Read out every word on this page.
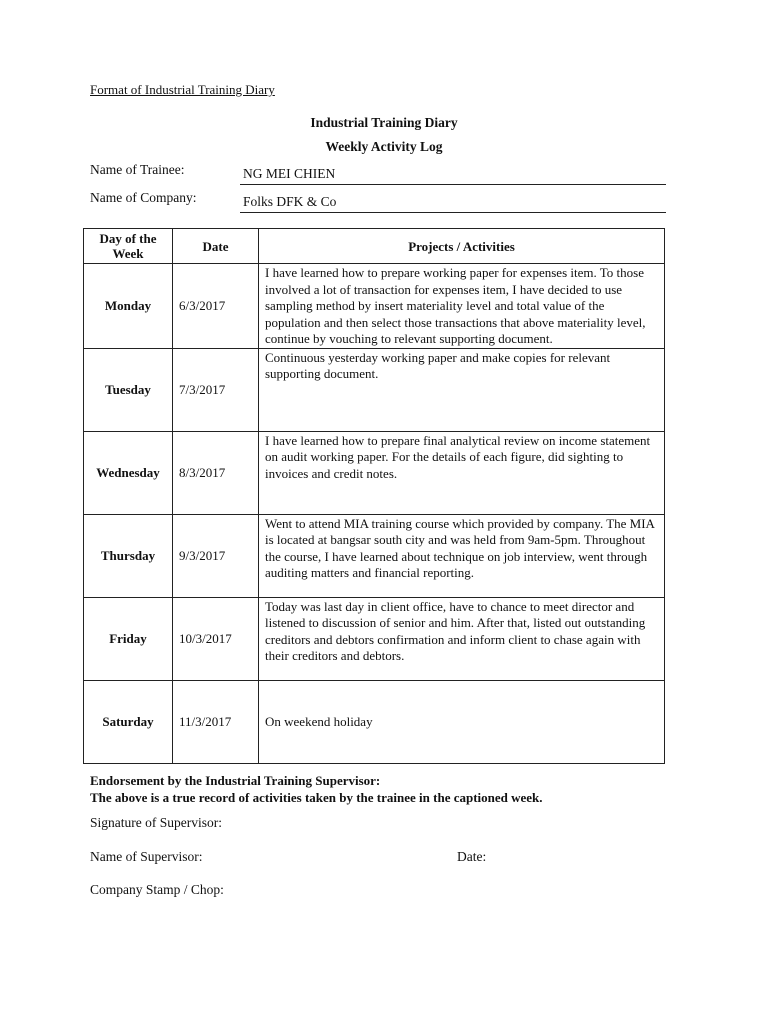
Format of Industrial Training Diary
Industrial Training Diary
Weekly Activity Log
Name of Trainee:	NG MEI CHIEN
Name of Company:	Folks DFK & Co
Day of the Week	Date	Projects / Activities
Monday	6/3/2017	I have learned how to prepare working paper for expenses item. To those involved a lot of transaction for expenses item, I have decided to use sampling method by insert materiality level and total value of the population and then select those transactions that above materiality level, continue by vouching to relevant supporting document.
Tuesday	7/3/2017	Continuous yesterday working paper and make copies for relevant supporting document.
Wednesday	8/3/2017	I have learned how to prepare final analytical review on income statement on audit working paper. For the details of each figure, did sighting to invoices and credit notes.
Thursday	9/3/2017	Went to attend MIA training course which provided by company. The MIA is located at bangsar south city and was held from 9am-5pm. Throughout the course, I have learned about technique on job interview, went through auditing matters and financial reporting.
Friday	10/3/2017	Today was last day in client office, have to chance to meet director and listened to discussion of senior and him. After that, listed out outstanding creditors and debtors confirmation and inform client to chase again with their creditors and debtors.
Saturday	11/3/2017	On weekend holiday
Endorsement by the Industrial Training Supervisor:
The above is a true record of activities taken by the trainee in the captioned week.
Signature of Supervisor:
Name of Supervisor:	Date:
Company Stamp / Chop:
